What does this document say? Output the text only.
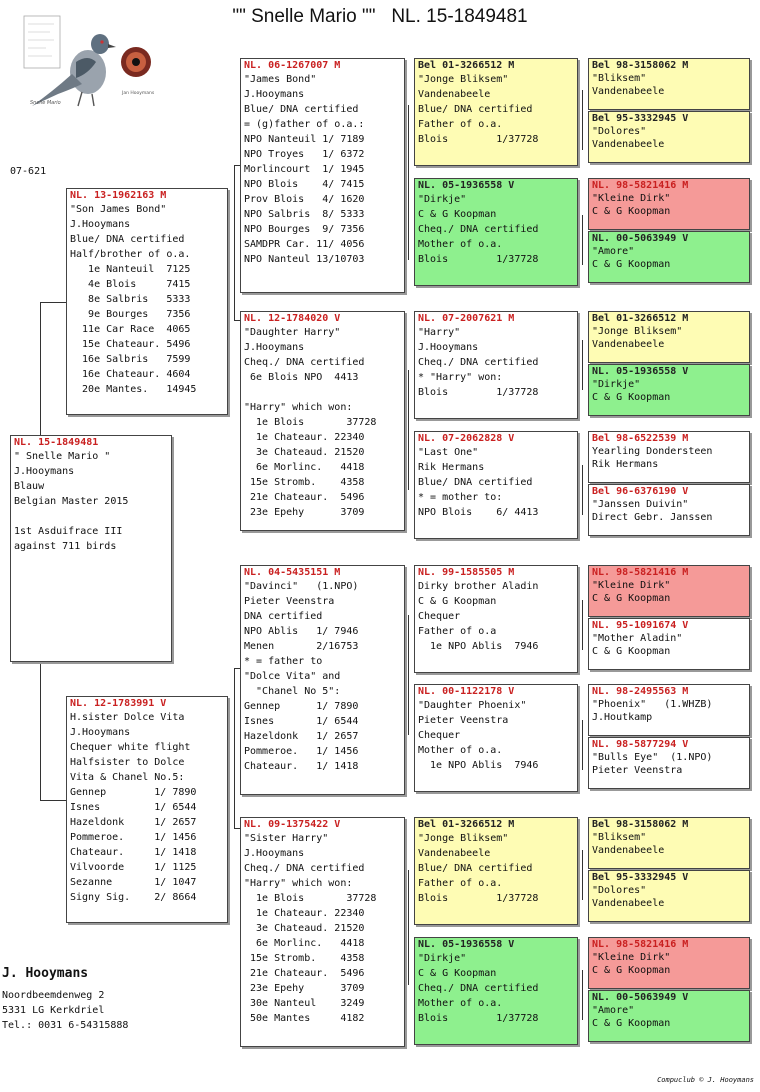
"" Snelle Mario ""   NL. 15-1849481
Snelle Mario
Jan Hooymans
07-621
NL. 15-1849481
" Snelle Mario "
J.Hooymans
Blauw
Belgian Master 2015

1st Asduifrace III
against 711 birds
NL. 13-1962163 M
"Son James Bond"
J.Hooymans
Blue/ DNA certified
Half/brother of o.a.
1e Nanteuil  7125
4e Blois     7415
8e Salbris   5333
9e Bourges   7356
11e Car Race  4065
15e Chateaur. 5496
16e Salbris   7599
16e Chateaur. 4604
20e Mantes.   14945
NL. 12-1783991 V
H.sister Dolce Vita
J.Hooymans
Chequer white flight
Halfsister to Dolce
Vita & Chanel No.5:
Gennep        1/ 7890
Isnes         1/ 6544
Hazeldonk     1/ 2657
Pommeroe.     1/ 1456
Chateaur.     1/ 1418
Vilvoorde     1/ 1125
Sezanne       1/ 1047
Signy Sig.    2/ 8664
NL. 06-1267007 M
"James Bond"
J.Hooymans
Blue/ DNA certified
= (g)father of o.a.:
NPO Nanteuil 1/ 7189
NPO Troyes   1/ 6372
Morlincourt  1/ 1945
NPO Blois    4/ 7415
Prov Blois   4/ 1620
NPO Salbris  8/ 5333
NPO Bourges  9/ 7356
SAMDPR Car. 11/ 4056
NPO Nanteul 13/10703
NL. 12-1784020 V
"Daughter Harry"
J.Hooymans
Cheq./ DNA certified
6e Blois NPO  4413

"Harry" which won:
1e Blois       37728
1e Chateaur. 22340
3e Chateaud. 21520
6e Morlinc.   4418
15e Stromb.    4358
21e Chateaur.  5496
23e Epehy      3709
NL. 04-5435151 M
"Davinci"   (1.NPO)
Pieter Veenstra
DNA certified
NPO Ablis   1/ 7946
Menen       2/16753
* = father to
"Dolce Vita" and
"Chanel No 5":
Gennep      1/ 7890
Isnes       1/ 6544
Hazeldonk   1/ 2657
Pommeroe.   1/ 1456
Chateaur.   1/ 1418
NL. 09-1375422 V
"Sister Harry"
J.Hooymans
Cheq./ DNA certified
"Harry" which won:
1e Blois       37728
1e Chateaur. 22340
3e Chateaud. 21520
6e Morlinc.   4418
15e Stromb.    4358
21e Chateaur.  5496
23e Epehy      3709
30e Nanteul    3249
50e Mantes     4182
Bel 01-3266512 M
"Jonge Bliksem"
Vandenabeele
Blue/ DNA certified
Father of o.a.
Blois        1/37728
NL. 05-1936558 V
"Dirkje"
C & G Koopman
Cheq./ DNA certified
Mother of o.a.
Blois        1/37728
NL. 07-2007621 M
"Harry"
J.Hooymans
Cheq./ DNA certified
* "Harry" won:
Blois        1/37728
NL. 07-2062828 V
"Last One"
Rik Hermans
Blue/ DNA certified
* = mother to:
NPO Blois    6/ 4413
NL. 99-1585505 M
Dirky brother Aladin
C & G Koopman
Chequer
Father of o.a
1e NPO Ablis  7946
NL. 00-1122178 V
"Daughter Phoenix"
Pieter Veenstra
Chequer
Mother of o.a.
1e NPO Ablis  7946
Bel 01-3266512 M
"Jonge Bliksem"
Vandenabeele
Blue/ DNA certified
Father of o.a.
Blois        1/37728
NL. 05-1936558 V
"Dirkje"
C & G Koopman
Cheq./ DNA certified
Mother of o.a.
Blois        1/37728
Bel 98-3158062 M
"Bliksem"
Vandenabeele
Bel 95-3332945 V
"Dolores"
Vandenabeele
NL. 98-5821416 M
"Kleine Dirk"
C & G Koopman
NL. 00-5063949 V
"Amore"
C & G Koopman
Bel 01-3266512 M
"Jonge Bliksem"
Vandenabeele
NL. 05-1936558 V
"Dirkje"
C & G Koopman
Bel 98-6522539 M
Yearling Dondersteen
Rik Hermans
Bel 96-6376190 V
"Janssen Duivin"
Direct Gebr. Janssen
NL. 98-5821416 M
"Kleine Dirk"
C & G Koopman
NL. 95-1091674 V
"Mother Aladin"
C & G Koopman
NL. 98-2495563 M
"Phoenix"   (1.WHZB)
J.Houtkamp
NL. 98-5877294 V
"Bulls Eye"  (1.NPO)
Pieter Veenstra
Bel 98-3158062 M
"Bliksem"
Vandenabeele
Bel 95-3332945 V
"Dolores"
Vandenabeele
NL. 98-5821416 M
"Kleine Dirk"
C & G Koopman
NL. 00-5063949 V
"Amore"
C & G Koopman
J. Hooymans
Noordbeemdenweg 2
5331 LG Kerkdriel
Tel.: 0031 6-54315888
Compuclub © J. Hooymans
